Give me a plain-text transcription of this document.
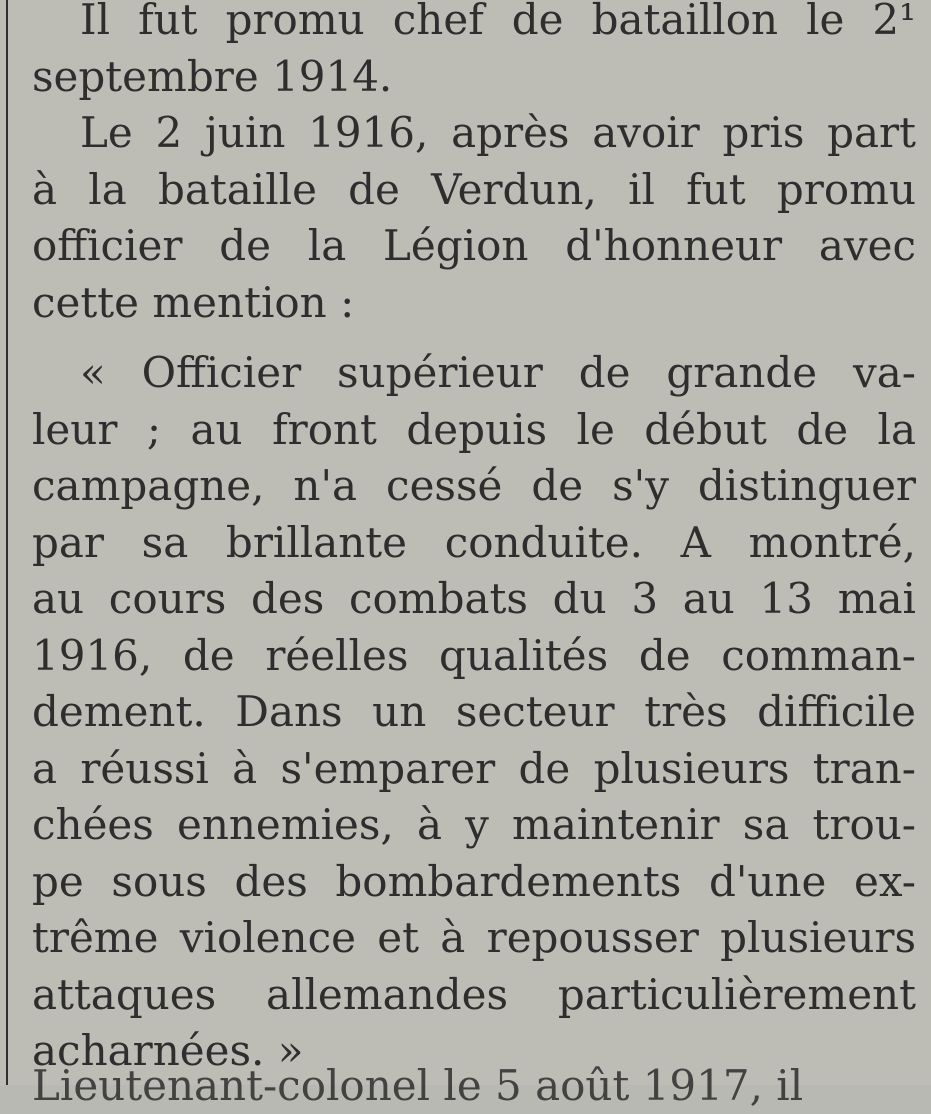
Il fut promu chef de bataillon le 2¹
septembre 1914.
Le 2 juin 1916, après avoir pris part
à la bataille de Verdun, il fut promu
officier de la Légion d'honneur avec
cette mention :
« Officier supérieur de grande va-
leur ; au front depuis le début de la
campagne, n'a cessé de s'y distinguer
par sa brillante conduite. A montré,
au cours des combats du 3 au 13 mai
1916, de réelles qualités de comman-
dement. Dans un secteur très difficile
a réussi à s'emparer de plusieurs tran-
chées ennemies, à y maintenir sa trou-
pe sous des bombardements d'une ex-
trême violence et à repousser plusieurs
attaques allemandes particulièrement
acharnées. »
Lieutenant-colonel le 5 août 1917, il
